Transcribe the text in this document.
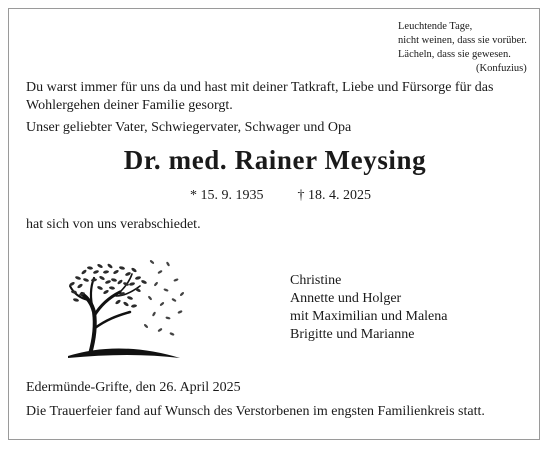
Leuchtende Tage,
nicht weinen, dass sie vorüber.
Lächeln, dass sie gewesen.
(Konfuzius)
Du warst immer für uns da und hast mit deiner Tatkraft, Liebe und Fürsorge für das
Wohlergehen deiner Familie gesorgt.
Unser geliebter Vater, Schwiegervater, Schwager und Opa
Dr. med. Rainer Meysing
* 15. 9. 1935 † 18. 4. 2025
hat sich von uns verabschiedet.
Christine
Annette und Holger
mit Maximilian und Malena
Brigitte und Marianne
Edermünde-Grifte, den 26. April 2025
Die Trauerfeier fand auf Wunsch des Verstorbenen im engsten Familienkreis statt.
